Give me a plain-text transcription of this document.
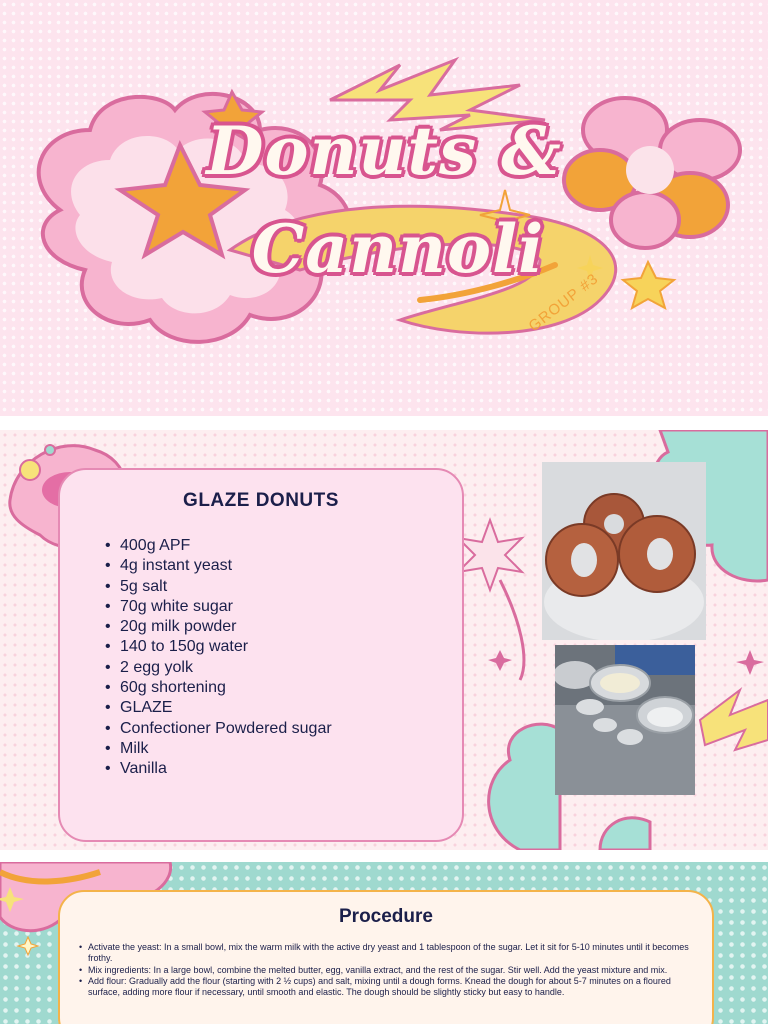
Donuts &
Cannoli
GROUP #3
GLAZE DONUTS
• 400g APF
• 4g instant yeast
• 5g salt
• 70g white sugar
• 20g milk powder
• 140 to 150g water
• 2 egg yolk
• 60g shortening
• GLAZE
• Confectioner Powdered sugar
• Milk
• Vanilla
Procedure
• Activate the yeast: In a small bowl, mix the warm milk with the active dry yeast and 1 tablespoon of the sugar. Let it sit for 5-10 minutes until it becomes frothy.
• Mix ingredients: In a large bowl, combine the melted butter, egg, vanilla extract, and the rest of the sugar. Stir well. Add the yeast mixture and mix.
• Add flour: Gradually add the flour (starting with 2 ½ cups) and salt, mixing until a dough forms. Knead the dough for about 5-7 minutes on a floured surface, adding more flour if necessary, until smooth and elastic. The dough should be slightly sticky but easy to handle.
